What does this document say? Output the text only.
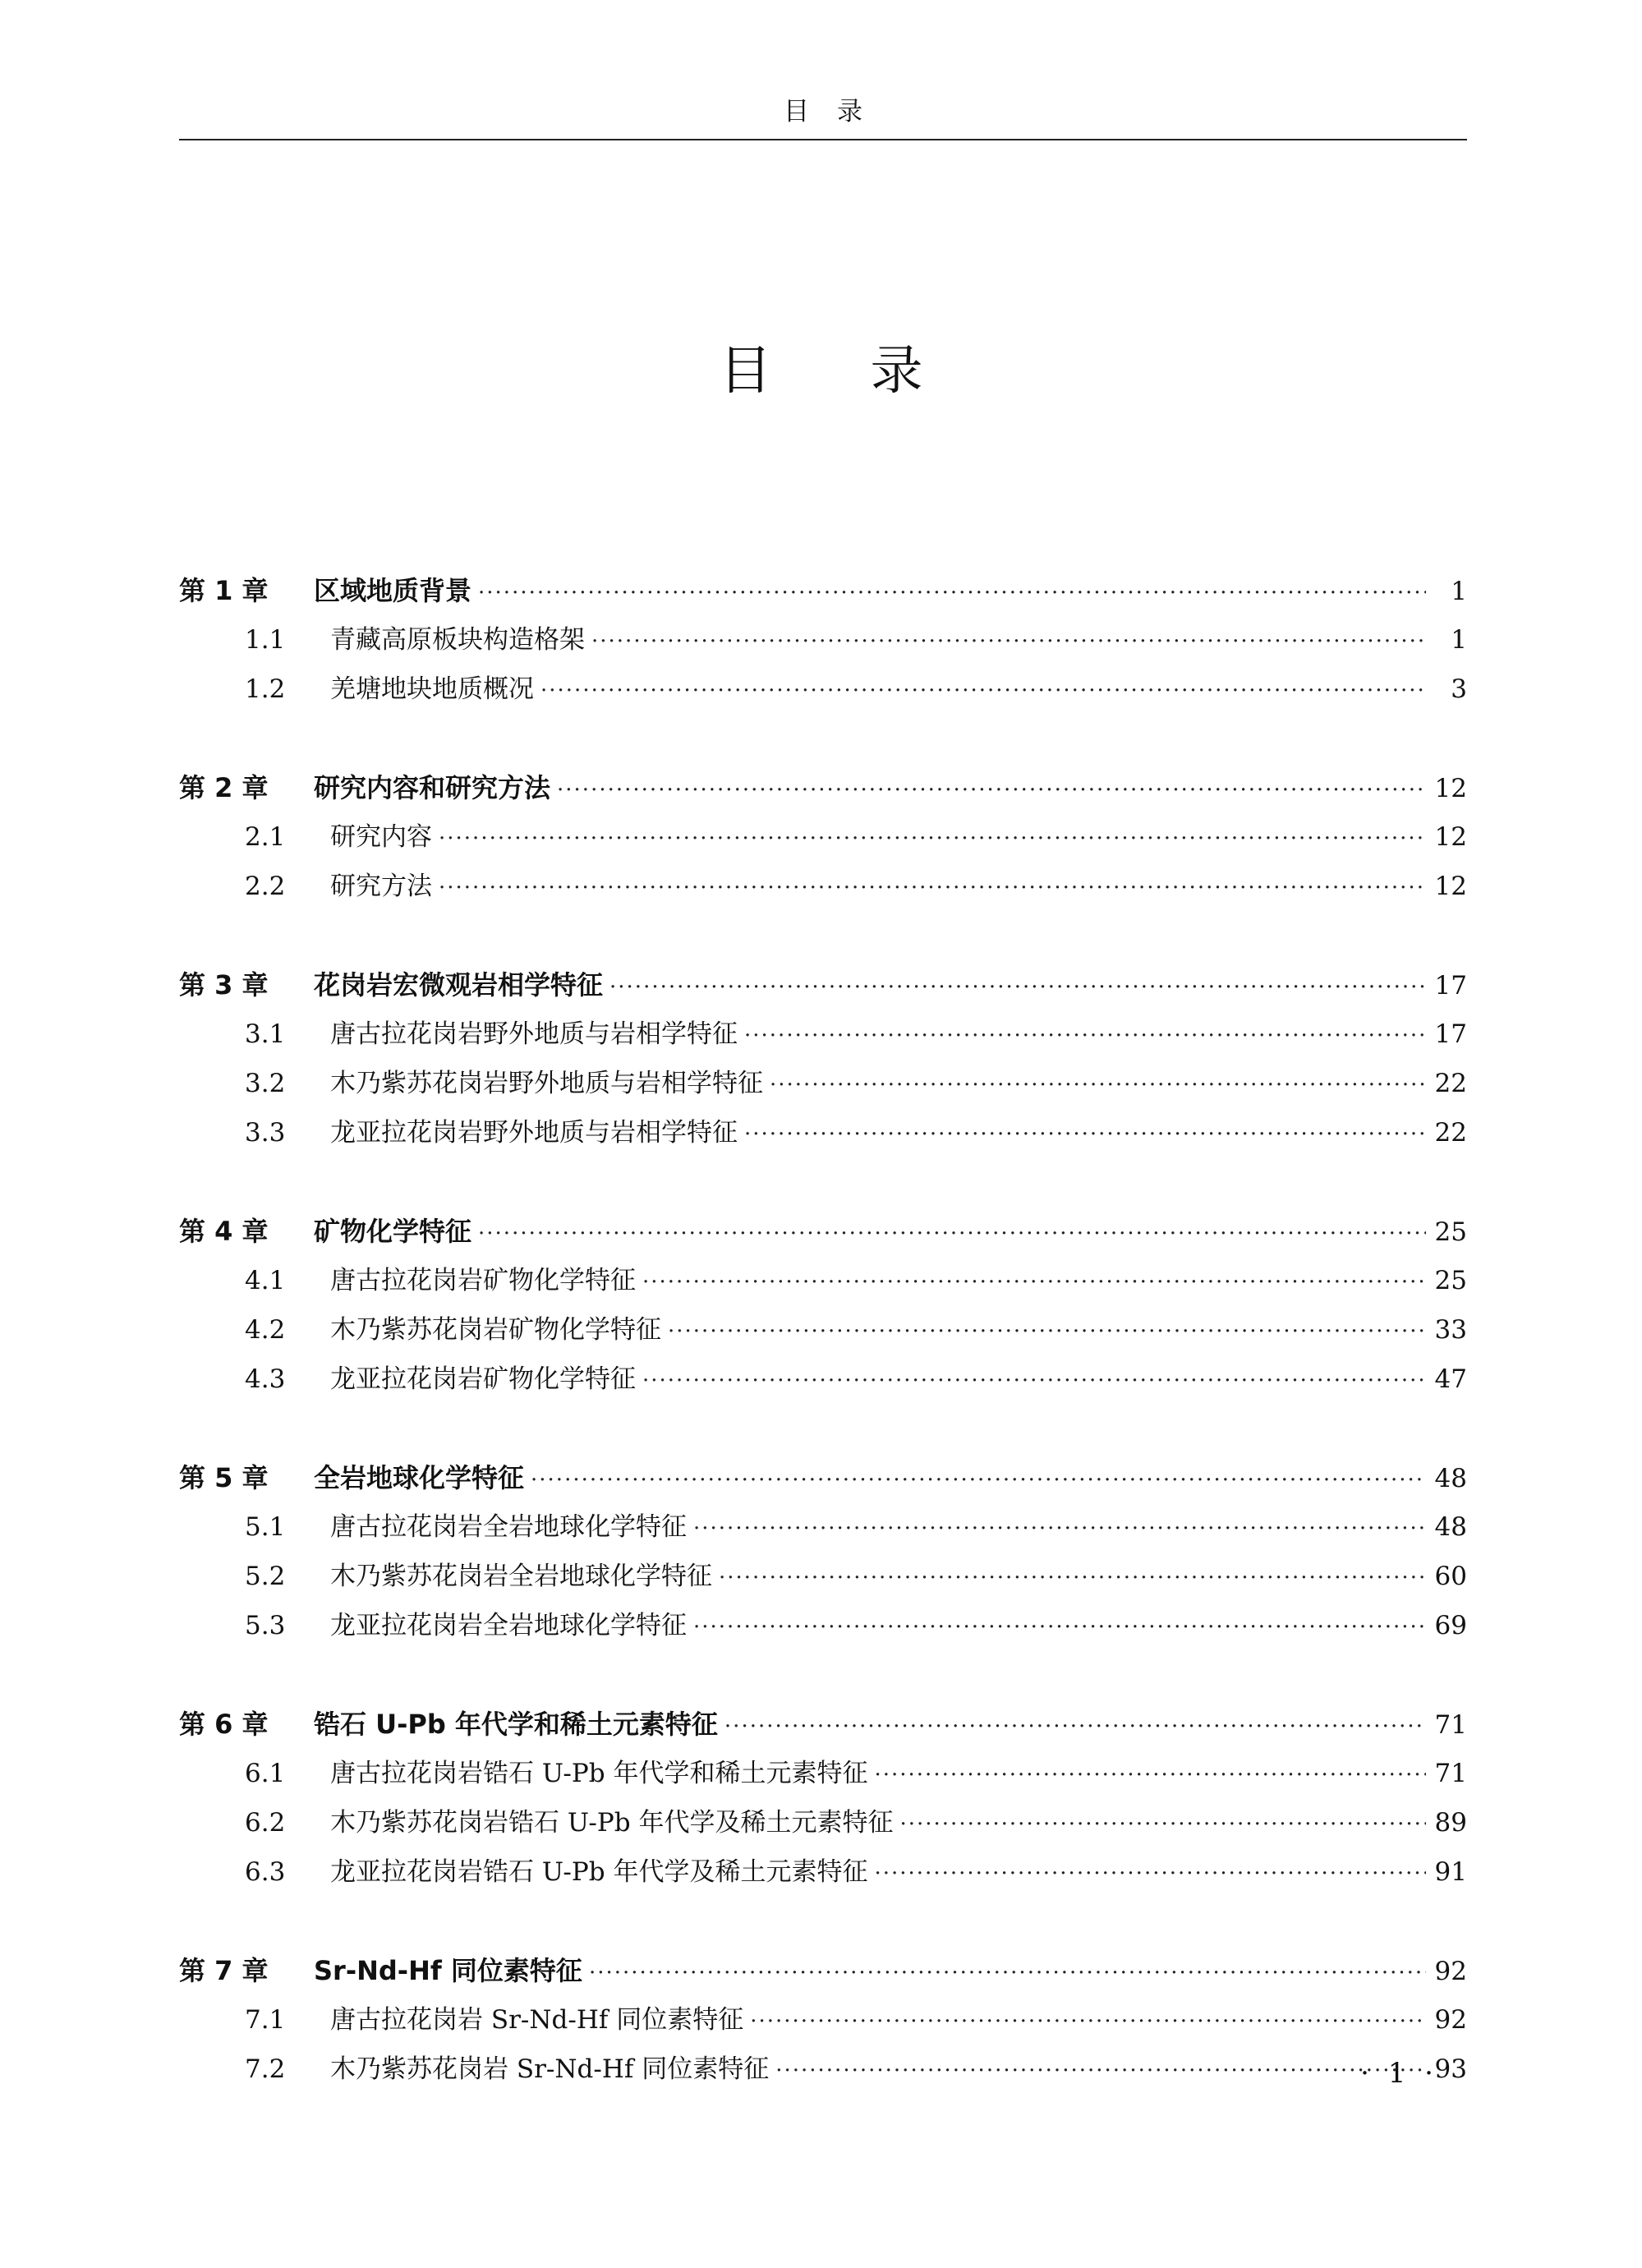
目录
目录
第 1 章	区域地质背景 ·····	1
1.1	青藏高原板块构造格架 ·····	1
1.2	羌塘地块地质概况 ·····	3
第 2 章	研究内容和研究方法 ·····	12
2.1	研究内容 ·····	12
2.2	研究方法 ·····	12
第 3 章	花岗岩宏微观岩相学特征 ·····	17
3.1	唐古拉花岗岩野外地质与岩相学特征 ·····	17
3.2	木乃紫苏花岗岩野外地质与岩相学特征 ·····	22
3.3	龙亚拉花岗岩野外地质与岩相学特征 ·····	22
第 4 章	矿物化学特征 ·····	25
4.1	唐古拉花岗岩矿物化学特征 ·····	25
4.2	木乃紫苏花岗岩矿物化学特征 ·····	33
4.3	龙亚拉花岗岩矿物化学特征 ·····	47
第 5 章	全岩地球化学特征 ·····	48
5.1	唐古拉花岗岩全岩地球化学特征 ·····	48
5.2	木乃紫苏花岗岩全岩地球化学特征 ·····	60
5.3	龙亚拉花岗岩全岩地球化学特征 ·····	69
第 6 章	锆石 U-Pb 年代学和稀土元素特征 ·····	71
6.1	唐古拉花岗岩锆石 U-Pb 年代学和稀土元素特征 ·····	71
6.2	木乃紫苏花岗岩锆石 U-Pb 年代学及稀土元素特征 ·····	89
6.3	龙亚拉花岗岩锆石 U-Pb 年代学及稀土元素特征 ·····	91
第 7 章	Sr-Nd-Hf 同位素特征 ·····	92
7.1	唐古拉花岗岩 Sr-Nd-Hf 同位素特征 ·····	92
7.2	木乃紫苏花岗岩 Sr-Nd-Hf 同位素特征 ·····	93
· 1 ·
